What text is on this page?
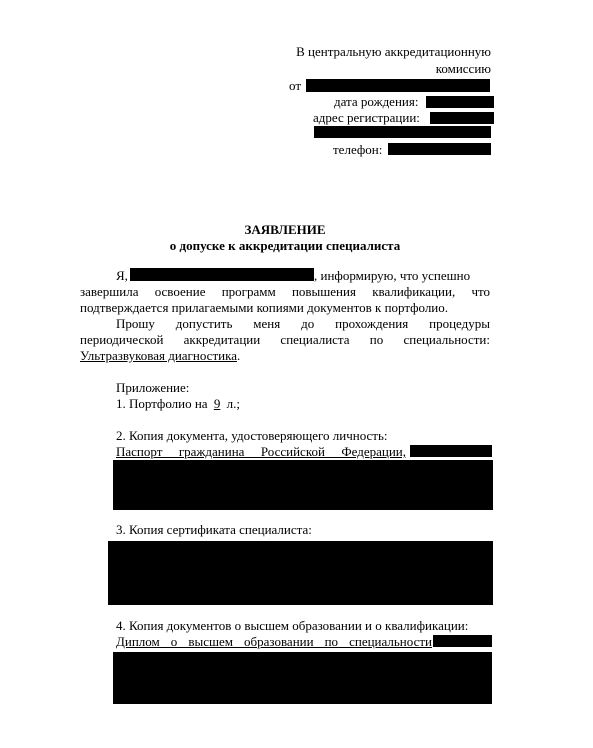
В центральную аккредитационную
комиссию
от
дата рождения:
адрес регистрации:
телефон:
ЗАЯВЛЕНИЕ
о допуске к аккредитации специалиста
Я,	, информирую, что успешно
завершила освоение программ повышения квалификации, что
подтверждается прилагаемыми копиями документов к портфолио.
Прошу допустить меня до прохождения процедуры
периодической аккредитации специалиста по специальности:
Ультразвуковая диагностика.
Приложение:
1. Портфолио на 9 л.;
2. Копия документа, удостоверяющего личность:
Паспорт гражданина Российской Федерации,
3. Копия сертификата специалиста:
4. Копия документов о высшем образовании и о квалификации:
Диплом о высшем образовании по специальности
